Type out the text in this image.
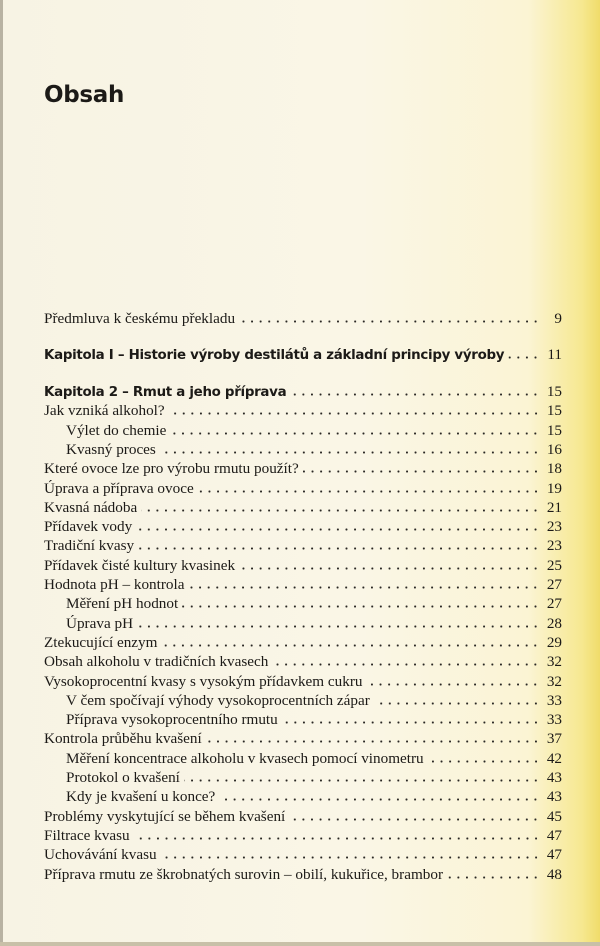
Obsah
Předmluva k českému překladu	9
Kapitola I – Historie výroby destilátů a základní principy výroby	11
Kapitola 2 – Rmut a jeho příprava	15
Jak vzniká alkohol?	15
Výlet do chemie	15
Kvasný proces	16
Které ovoce lze pro výrobu rmutu použít?	18
Úprava a příprava ovoce	19
Kvasná nádoba	21
Přídavek vody	23
Tradiční kvasy	23
Přídavek čisté kultury kvasinek	25
Hodnota pH – kontrola	27
Měření pH hodnot	27
Úprava pH	28
Ztekucující enzym	29
Obsah alkoholu v tradičních kvasech	32
Vysokoprocentní kvasy s vysokým přídavkem cukru	32
V čem spočívají výhody vysokoprocentních zápar	33
Příprava vysokoprocentního rmutu	33
Kontrola průběhu kvašení	37
Měření koncentrace alkoholu v kvasech pomocí vinometru	42
Protokol o kvašení	43
Kdy je kvašení u konce?	43
Problémy vyskytující se během kvašení	45
Filtrace kvasu	47
Uchovávání kvasu	47
Příprava rmutu ze škrobnatých surovin – obilí, kukuřice, brambor	48
